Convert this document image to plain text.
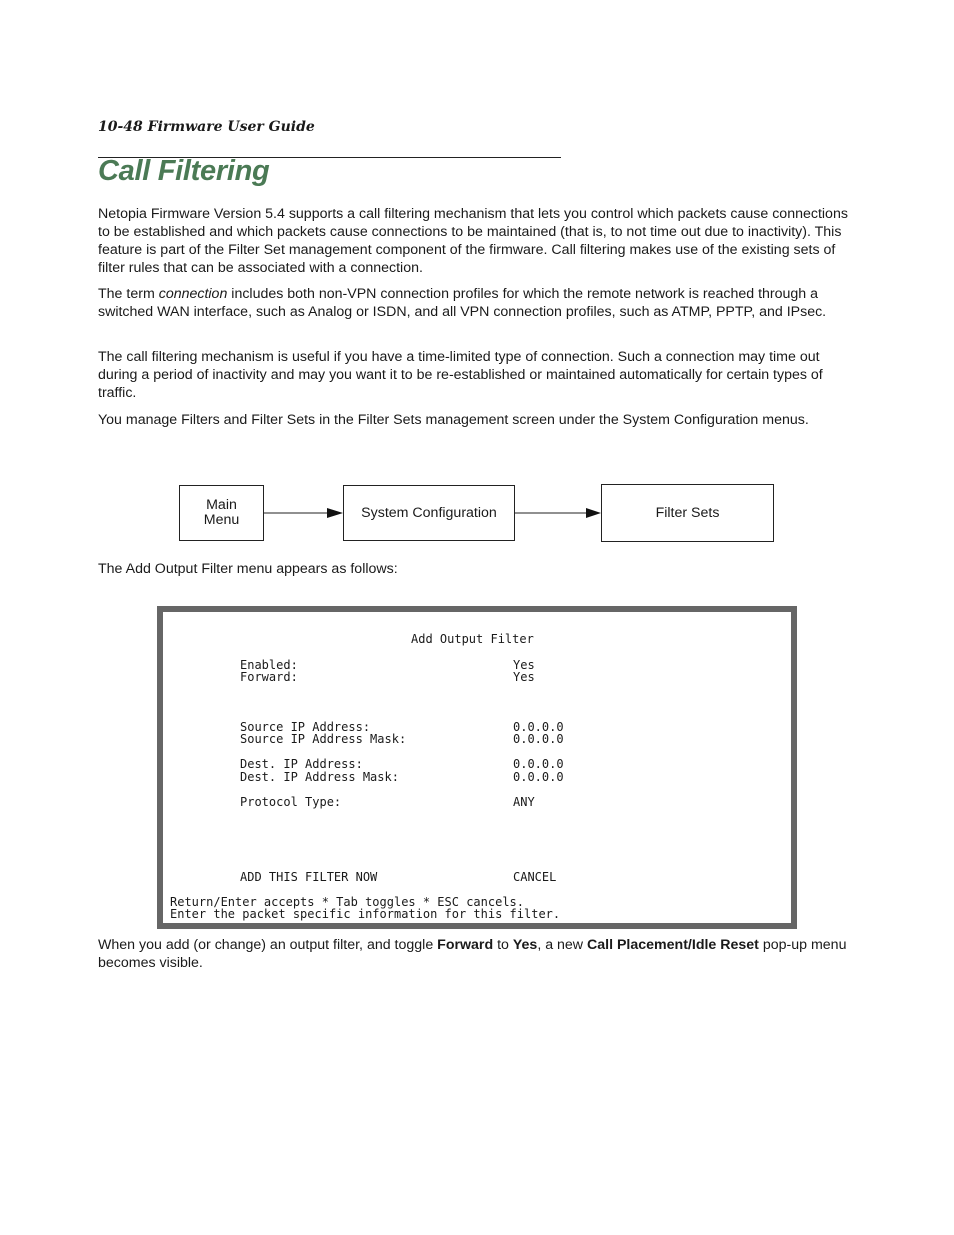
10-48 Firmware User Guide
Call Filtering

Netopia Firmware Version 5.4 supports a call filtering mechanism that lets you control which packets cause connections to be established and which packets cause connections to be maintained (that is, to not time out due to inactivity). This feature is part of the Filter Set management component of the firmware. Call filtering makes use of the existing sets of filter rules that can be associated with a connection.

The term connection includes both non-VPN connection profiles for which the remote network is reached through a switched WAN interface, such as Analog or ISDN, and all VPN connection profiles, such as ATMP, PPTP, and IPsec.

The call filtering mechanism is useful if you have a time-limited type of connection. Such a connection may time out during a period of inactivity and may you want it to be re-established or maintained automatically for certain types of traffic.

You manage Filters and Filter Sets in the Filter Sets management screen under the System Configuration menus.

Main
Menu	System Configuration	Filter Sets

The Add Output Filter menu appears as follows:

Add Output Filter
Enabled:	Yes
Forward:	Yes
Source IP Address:	0.0.0.0
Source IP Address Mask:	0.0.0.0
Dest. IP Address:	0.0.0.0
Dest. IP Address Mask:	0.0.0.0
Protocol Type:	ANY
ADD THIS FILTER NOW	CANCEL
Return/Enter accepts * Tab toggles * ESC cancels.
Enter the packet specific information for this filter.

When you add (or change) an output filter, and toggle Forward to Yes, a new Call Placement/Idle Reset pop-up menu becomes visible.
